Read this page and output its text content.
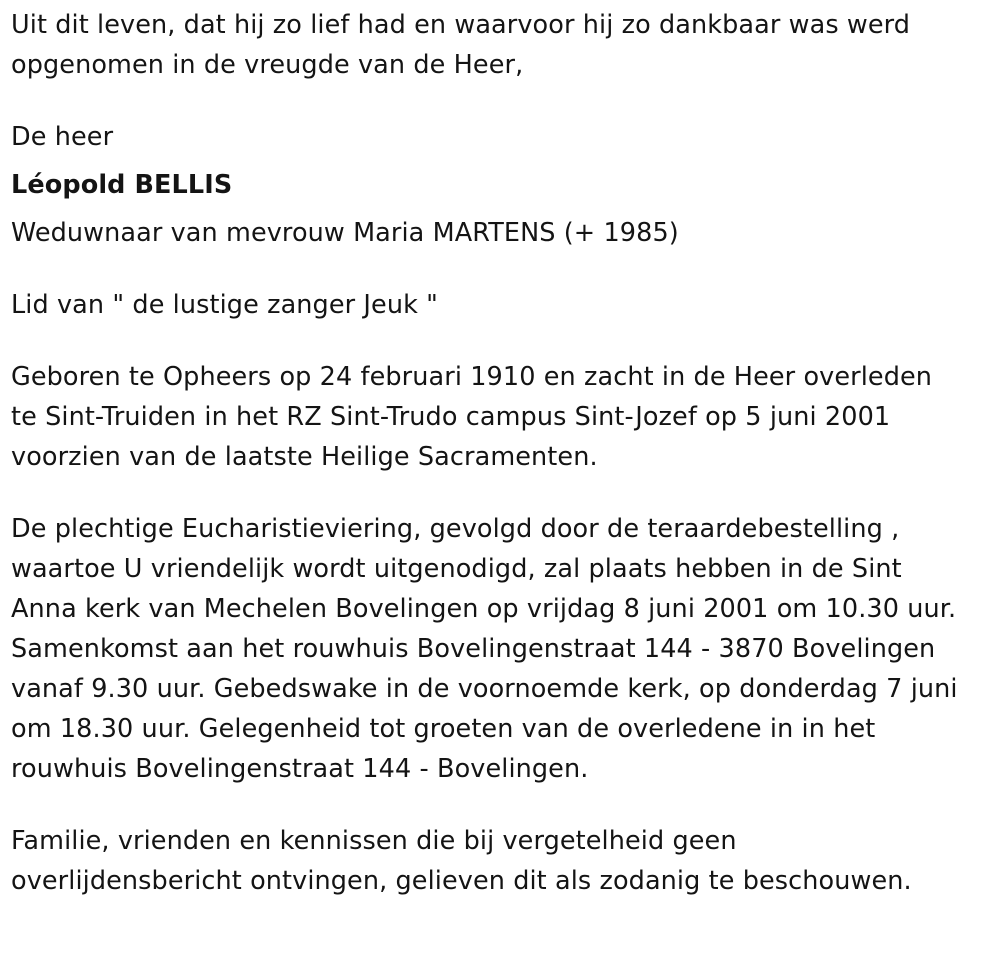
Uit dit leven, dat hij zo lief had en waarvoor hij zo dankbaar was werd
opgenomen in de vreugde van de Heer,
De heer
Léopold BELLIS
Weduwnaar van mevrouw Maria MARTENS (+ 1985)
Lid van " de lustige zanger Jeuk "
Geboren te Opheers op 24 februari 1910 en zacht in de Heer overleden
te Sint-Truiden in het RZ Sint-Trudo campus Sint-Jozef op 5 juni 2001
voorzien van de laatste Heilige Sacramenten.
De plechtige Eucharistieviering, gevolgd door de teraardebestelling ,
waartoe U vriendelijk wordt uitgenodigd, zal plaats hebben in de Sint
Anna kerk van Mechelen Bovelingen op vrijdag 8 juni 2001 om 10.30 uur.
Samenkomst aan het rouwhuis Bovelingenstraat 144 - 3870 Bovelingen
vanaf 9.30 uur. Gebedswake in de voornoemde kerk, op donderdag 7 juni
om 18.30 uur. Gelegenheid tot groeten van de overledene in in het
rouwhuis Bovelingenstraat 144 - Bovelingen.
Familie, vrienden en kennissen die bij vergetelheid geen
overlijdensbericht ontvingen, gelieven dit als zodanig te beschouwen.
